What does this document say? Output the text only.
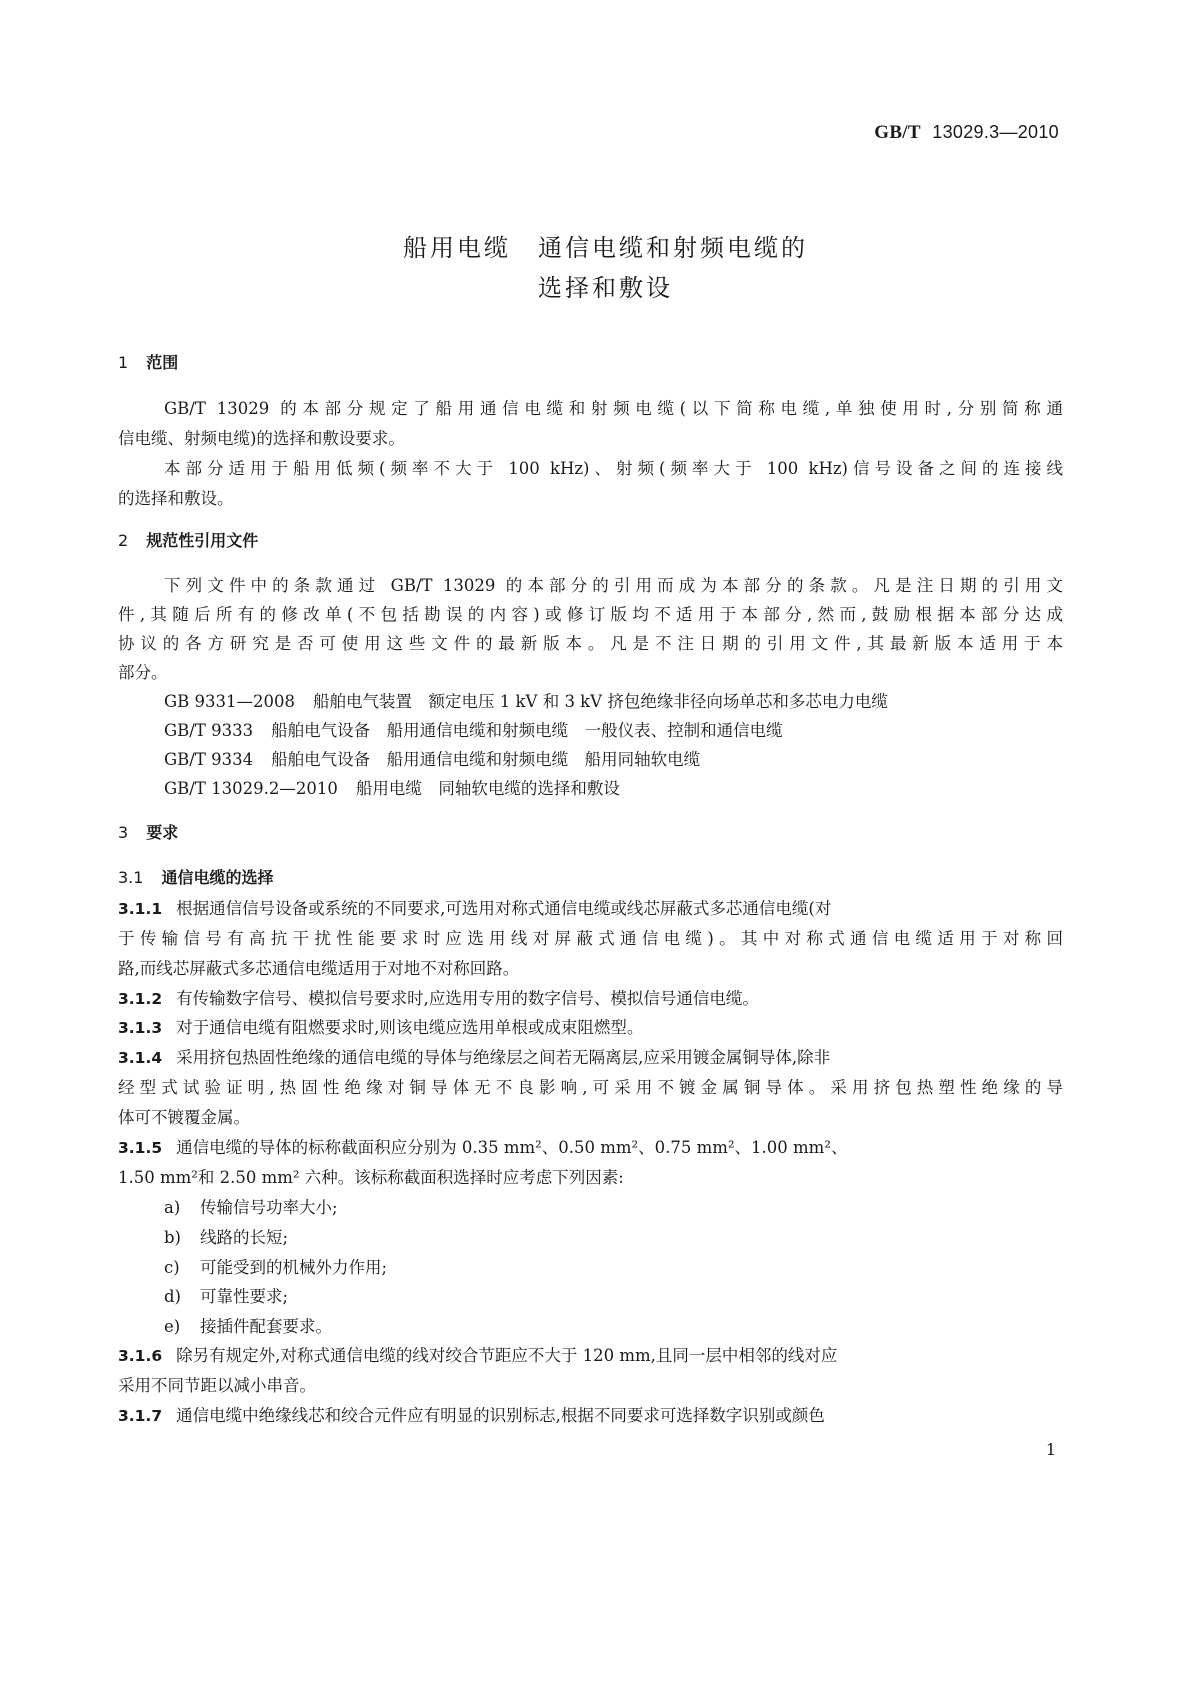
GB/T 13029.3—2010
船用电缆　通信电缆和射频电缆的
选择和敷设
1 范围
GB/T 13029 的本部分规定了船用通信电缆和射频电缆(以下简称电缆,单独使用时,分别简称通
信电缆、射频电缆)的选择和敷设要求。
本部分适用于船用低频(频率不大于 100 kHz)、射频(频率大于 100 kHz)信号设备之间的连接线
的选择和敷设。
2 规范性引用文件
下列文件中的条款通过 GB/T 13029 的本部分的引用而成为本部分的条款。凡是注日期的引用文
件,其随后所有的修改单(不包括勘误的内容)或修订版均不适用于本部分,然而,鼓励根据本部分达成
协议的各方研究是否可使用这些文件的最新版本。凡是不注日期的引用文件,其最新版本适用于本
部分。
GB 9331—2008 船舶电气装置　额定电压 1 kV 和 3 kV 挤包绝缘非径向场单芯和多芯电力电缆
GB/T 9333 船舶电气设备　船用通信电缆和射频电缆　一般仪表、控制和通信电缆
GB/T 9334 船舶电气设备　船用通信电缆和射频电缆　船用同轴软电缆
GB/T 13029.2—2010 船用电缆　同轴软电缆的选择和敷设
3 要求
3.1 通信电缆的选择
3.1.1 根据通信信号设备或系统的不同要求,可选用对称式通信电缆或线芯屏蔽式多芯通信电缆(对
于传输信号有高抗干扰性能要求时应选用线对屏蔽式通信电缆)。其中对称式通信电缆适用于对称回
路,而线芯屏蔽式多芯通信电缆适用于对地不对称回路。
3.1.2 有传输数字信号、模拟信号要求时,应选用专用的数字信号、模拟信号通信电缆。
3.1.3 对于通信电缆有阻燃要求时,则该电缆应选用单根或成束阻燃型。
3.1.4 采用挤包热固性绝缘的通信电缆的导体与绝缘层之间若无隔离层,应采用镀金属铜导体,除非
经型式试验证明,热固性绝缘对铜导体无不良影响,可采用不镀金属铜导体。采用挤包热塑性绝缘的导
体可不镀覆金属。
3.1.5 通信电缆的导体的标称截面积应分别为 0.35 mm²、0.50 mm²、0.75 mm²、1.00 mm²、
1.50 mm²和 2.50 mm² 六种。该标称截面积选择时应考虑下列因素:
a) 传输信号功率大小;
b) 线路的长短;
c) 可能受到的机械外力作用;
d) 可靠性要求;
e) 接插件配套要求。
3.1.6 除另有规定外,对称式通信电缆的线对绞合节距应不大于 120 mm,且同一层中相邻的线对应
采用不同节距以减小串音。
3.1.7 通信电缆中绝缘线芯和绞合元件应有明显的识别标志,根据不同要求可选择数字识别或颜色
1
